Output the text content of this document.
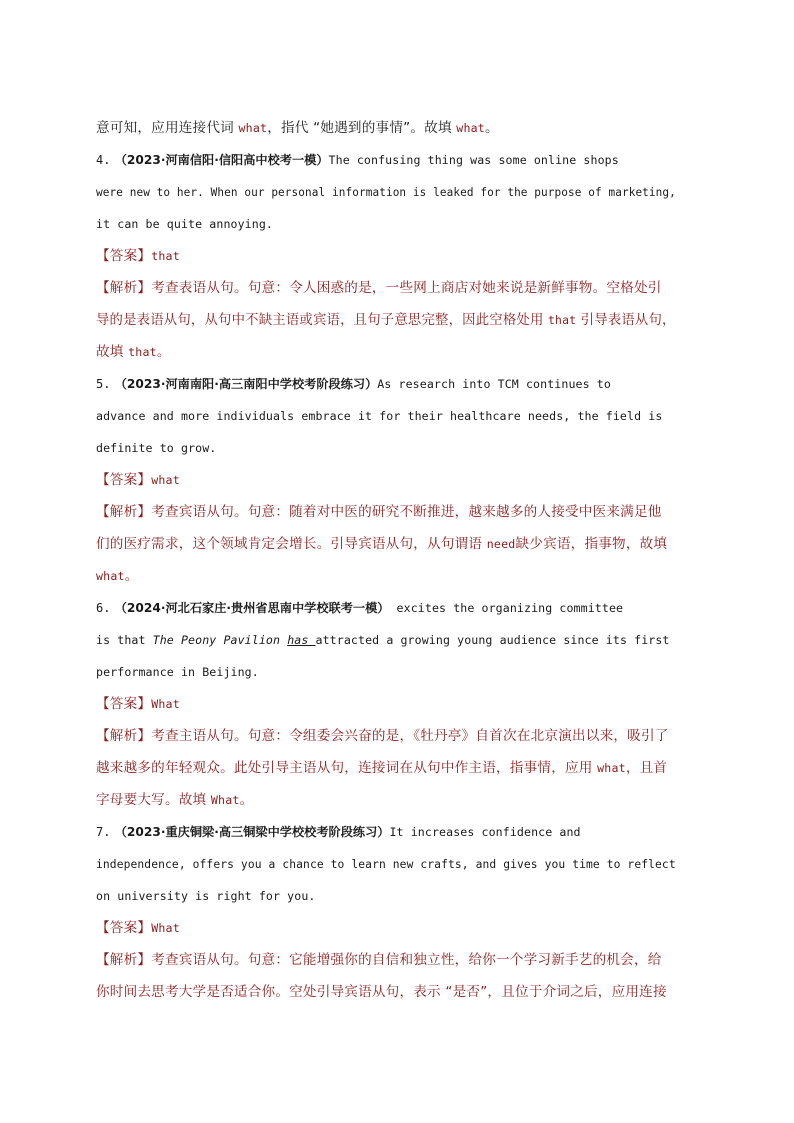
意可知，应用连接代词 what，指代 “她遇到的事情”。故填 what。
4. （2023·河南信阳·信阳高中校考一模）The confusing thing was some online shops
were new to her. When our personal information is leaked for the purpose of marketing,
it can be quite annoying.
【答案】that
【解析】考查表语从句。句意：令人困惑的是，一些网上商店对她来说是新鲜事物。空格处引
导的是表语从句，从句中不缺主语或宾语，且句子意思完整，因此空格处用 that 引导表语从句，
故填 that。
5. （2023·河南南阳·高三南阳中学校考阶段练习）As research into TCM continues to
advance and more individuals embrace it for their healthcare needs, the field is
definite to grow.
【答案】what
【解析】考查宾语从句。句意：随着对中医的研究不断推进，越来越多的人接受中医来满足他
们的医疗需求，这个领域肯定会增长。引导宾语从句，从句谓语 need缺少宾语，指事物，故填
what。
6. （2024·河北石家庄·贵州省思南中学校联考一模） excites the organizing committee
is that The Peony Pavilion has attracted a growing young audience since its first
performance in Beijing.
【答案】What
【解析】考查主语从句。句意：令组委会兴奋的是，《牡丹亭》自首次在北京演出以来，吸引了
越来越多的年轻观众。此处引导主语从句，连接词在从句中作主语，指事情，应用 what，且首
字母要大写。故填 What。
7. （2023·重庆铜梁·高三铜梁中学校校考阶段练习）It increases confidence and
independence, offers you a chance to learn new crafts, and gives you time to reflect
on university is right for you.
【答案】What
【解析】考查宾语从句。句意：它能增强你的自信和独立性，给你一个学习新手艺的机会，给
你时间去思考大学是否适合你。空处引导宾语从句，表示 “是否”，且位于介词之后，应用连接
